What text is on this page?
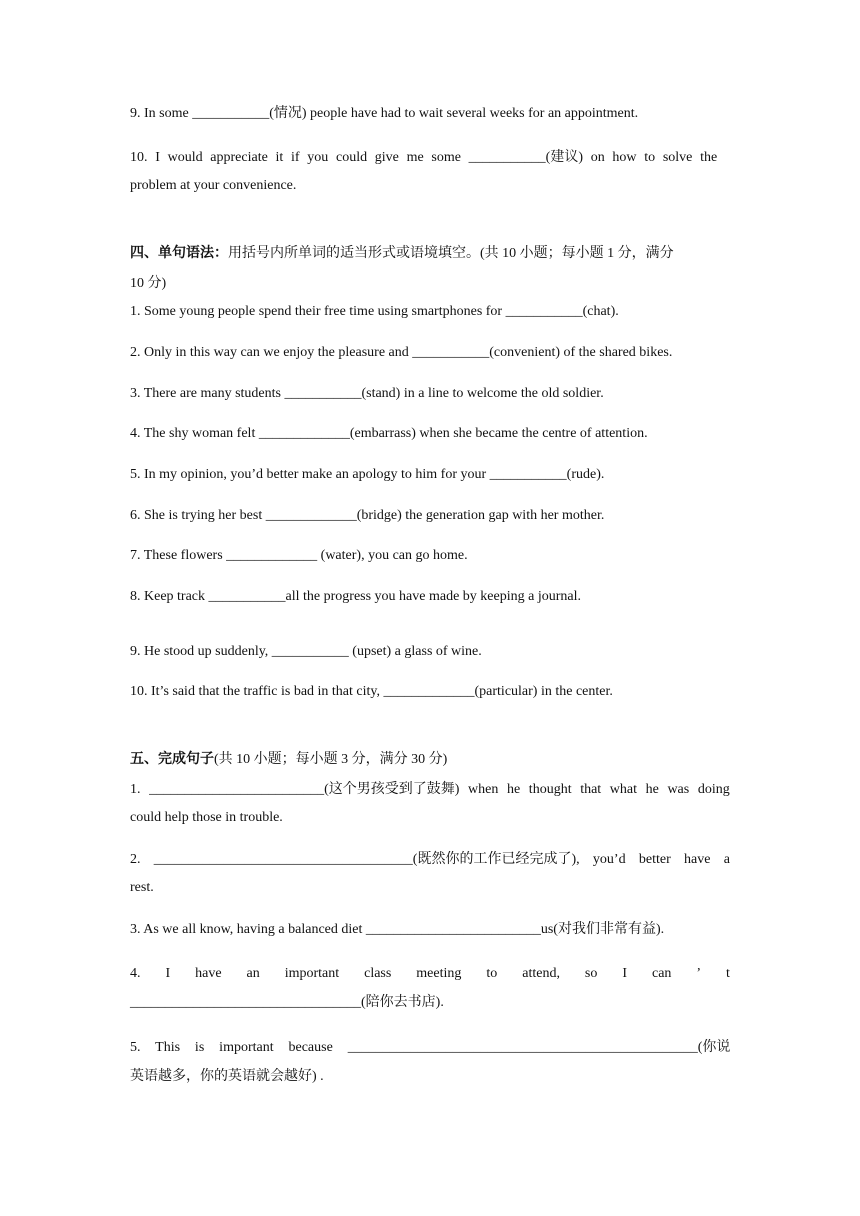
9. In some ___________(情况) people have had to wait several weeks for an appointment.
10. I would appreciate it if you could give me some ___________(建议) on how to solve the
problem at your convenience.
四、单句语法：用括号内所单词的适当形式或语境填空。(共 10 小题；每小题 1 分，满分
10 分)
1. Some young people spend their free time using smartphones for ___________(chat).
2. Only in this way can we enjoy the pleasure and ___________(convenient) of the shared bikes.
3. There are many students ___________(stand) in a line to welcome the old soldier.
4. The shy woman felt _____________(embarrass) when she became the centre of attention.
5. In my opinion, you’d better make an apology to him for your ___________(rude).
6. She is trying her best _____________(bridge) the generation gap with her mother.
7. These flowers _____________ (water), you can go home.
8. Keep track ___________all the progress you have made by keeping a journal.
9. He stood up suddenly, ___________ (upset) a glass of wine.
10. It’s said that the traffic is bad in that city, _____________(particular) in the center.
五、完成句子(共 10 小题；每小题 3 分，满分 30 分)
1. _________________________(这个男孩受到了鼓舞) when he thought that what he was doing
could help those in trouble.
2. _____________________________________(既然你的工作已经完成了), you’d better have a
rest.
3. As we all know, having a balanced diet _________________________us(对我们非常有益).
4. I have an important class meeting to attend, so I can ’ t
_________________________________(陪你去书店).
5. This is important because __________________________________________________(你说
英语越多，你的英语就会越好) .
